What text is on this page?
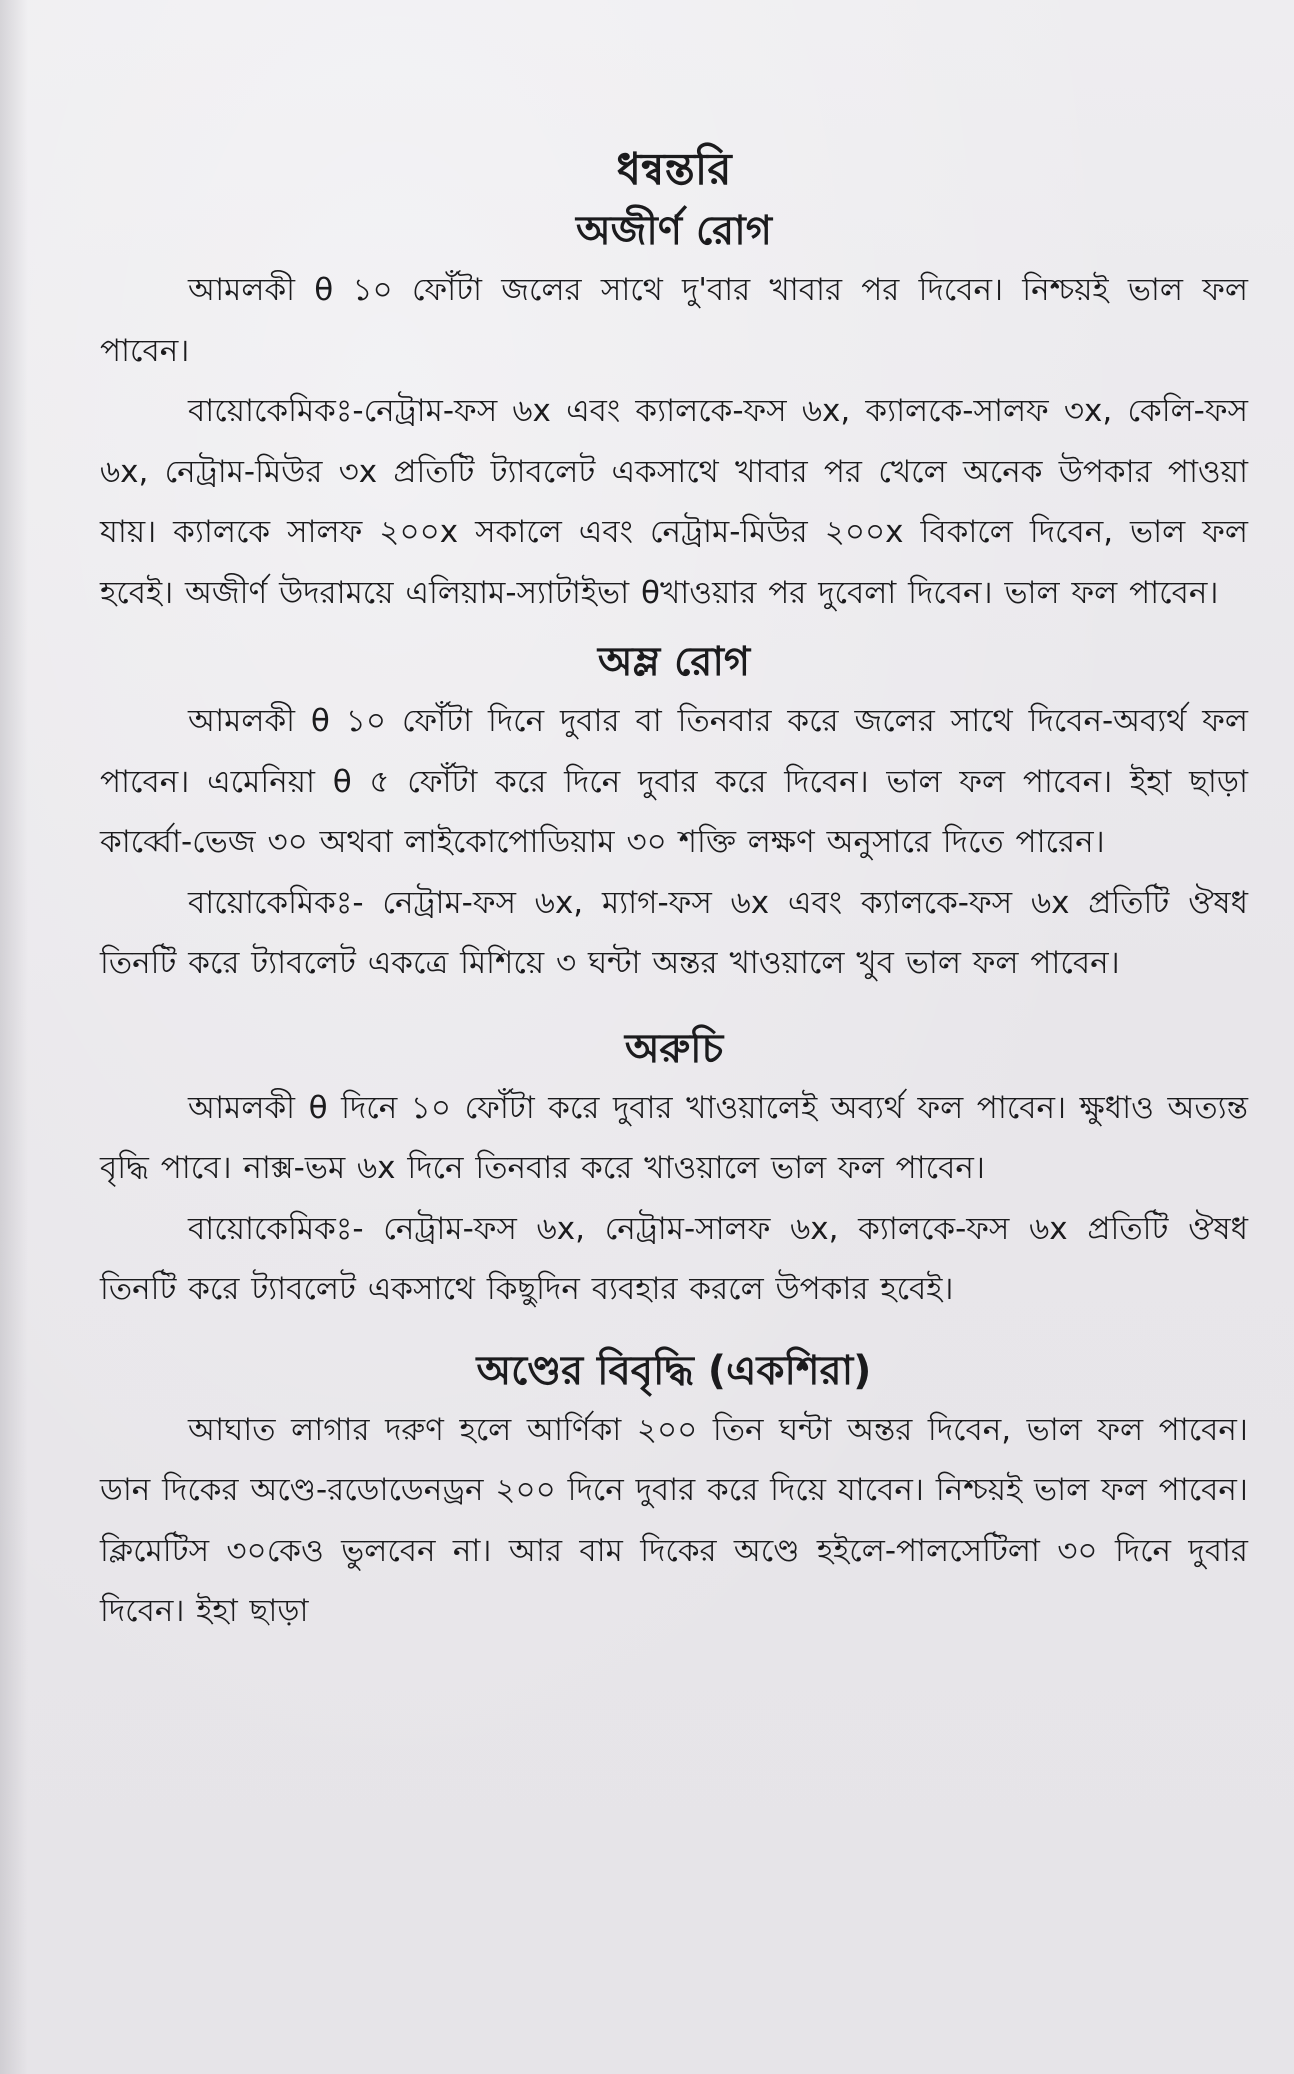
ধন্বন্তরি
অজীর্ণ রোগ

আমলকী θ ১০ ফোঁটা জলের সাথে দু'বার খাবার পর দিবেন। নিশ্চয়ই ভাল ফল পাবেন।

বায়োকেমিকঃ-নেট্রাম-ফস ৬x এবং ক্যালকে-ফস ৬x, ক্যালকে-সালফ ৩x, কেলি-ফস ৬x, নেট্রাম-মিউর ৩x প্রতিটি ট্যাবলেট একসাথে খাবার পর খেলে অনেক উপকার পাওয়া যায়। ক্যালকে সালফ ২০০x সকালে এবং নেট্রাম-মিউর ২০০x বিকালে দিবেন, ভাল ফল হবেই। অজীর্ণ উদরাময়ে এলিয়াম-স্যাটাইভা θখাওয়ার পর দুবেলা দিবেন। ভাল ফল পাবেন।

অম্ল রোগ

আমলকী θ ১০ ফোঁটা দিনে দুবার বা তিনবার করে জলের সাথে দিবেন-অব্যর্থ ফল পাবেন। এমেনিয়া θ ৫ ফোঁটা করে দিনে দুবার করে দিবেন। ভাল ফল পাবেন। ইহা ছাড়া কার্ব্বো-ভেজ ৩০ অথবা লাইকোপোডিয়াম ৩০ শক্তি লক্ষণ অনুসারে দিতে পারেন।

বায়োকেমিকঃ- নেট্রাম-ফস ৬x, ম্যাগ-ফস ৬x এবং ক্যালকে-ফস ৬x প্রতিটি ঔষধ তিনটি করে ট্যাবলেট একত্রে মিশিয়ে ৩ ঘন্টা অন্তর খাওয়ালে খুব ভাল ফল পাবেন।

অরুচি

আমলকী θ দিনে ১০ ফোঁটা করে দুবার খাওয়ালেই অব্যর্থ ফল পাবেন। ক্ষুধাও অত্যন্ত বৃদ্ধি পাবে। নাক্স-ভম ৬x দিনে তিনবার করে খাওয়ালে ভাল ফল পাবেন।

বায়োকেমিকঃ- নেট্রাম-ফস ৬x, নেট্রাম-সালফ ৬x, ক্যালকে-ফস ৬x প্রতিটি ঔষধ তিনটি করে ট্যাবলেট একসাথে কিছুদিন ব্যবহার করলে উপকার হবেই।

অণ্ডের বিবৃদ্ধি (একশিরা)

আঘাত লাগার দরুণ হলে আর্ণিকা ২০০ তিন ঘন্টা অন্তর দিবেন, ভাল ফল পাবেন। ডান দিকের অণ্ডে-রডোডেনড্রন ২০০ দিনে দুবার করে দিয়ে যাবেন। নিশ্চয়ই ভাল ফল পাবেন। ক্লিমেটিস ৩০কেও ভুলবেন না। আর বাম দিকের অণ্ডে হইলে-পালসেটিলা ৩০ দিনে দুবার দিবেন। ইহা ছাড়া
